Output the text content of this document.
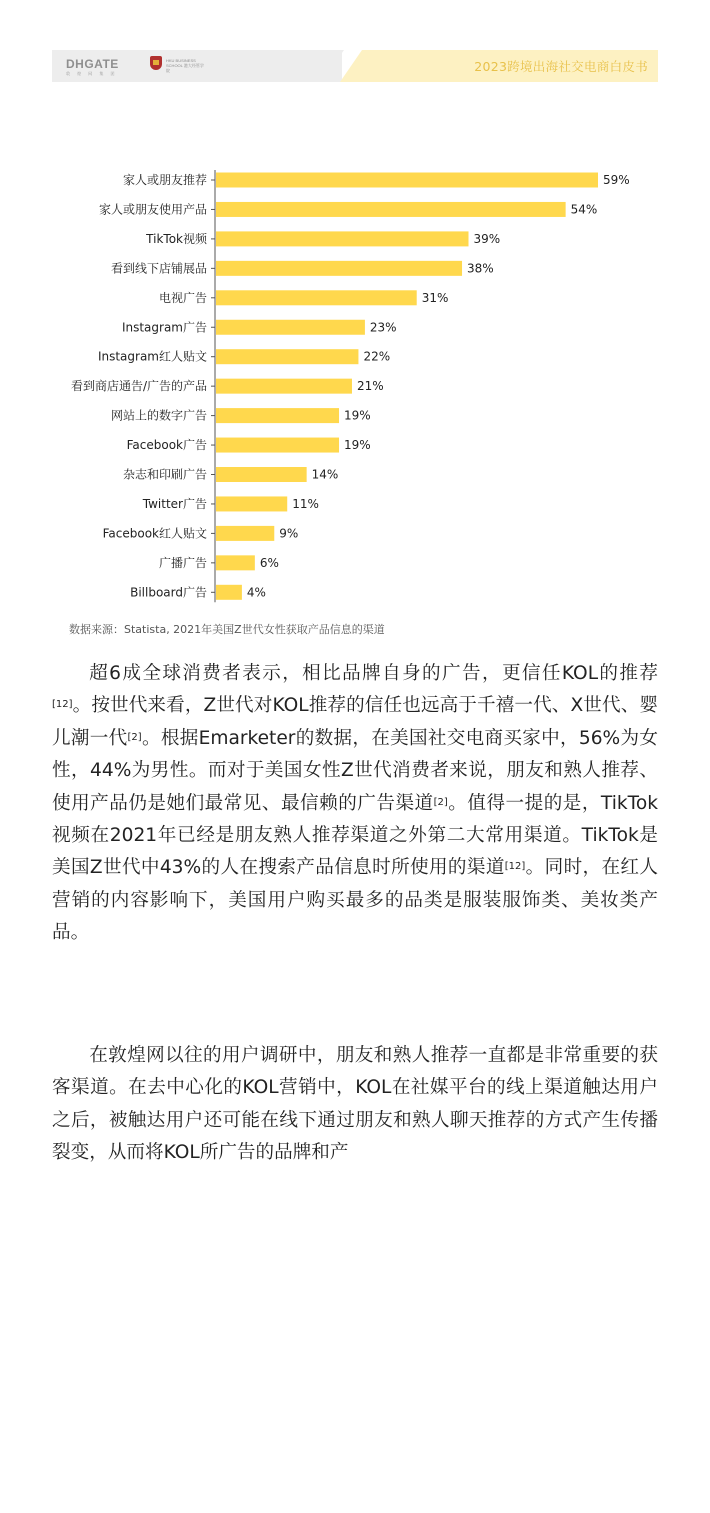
DHGATE
敦 煌 网 集 团
HKU BUSINESS SCHOOL 港大经管学院	2023跨境出海社交电商白皮书
家人或朋友推荐	59%
家人或朋友使用产品	54%
TikTok视频	39%
看到线下店铺展品	38%
电视广告	31%
Instagram广告	23%
Instagram红人贴文	22%
看到商店通告/广告的产品	21%
网站上的数字广告	19%
Facebook广告	19%
杂志和印刷广告	14%
Twitter广告	11%
Facebook红人贴文	9%
广播广告	6%
Billboard广告	4%
数据来源：Statista, 2021年美国Z世代女性获取产品信息的渠道

超6成全球消费者表示，相比品牌自身的广告，更信任KOL的推荐[12]。按世代来看，Z世代对KOL推荐的信任也远高于千禧一代、X世代、婴儿潮一代[2]。根据Emarketer的数据，在美国社交电商买家中，56%为女性，44%为男性。而对于美国女性Z世代消费者来说，朋友和熟人推荐、使用产品仍是她们最常见、最信赖的广告渠道[2]。值得一提的是，TikTok视频在2021年已经是朋友熟人推荐渠道之外第二大常用渠道。TikTok是美国Z世代中43%的人在搜索产品信息时所使用的渠道[12]。同时，在红人营销的内容影响下，美国用户购买最多的品类是服装服饰类、美妆类产品。

在敦煌网以往的用户调研中，朋友和熟人推荐一直都是非常重要的获客渠道。在去中心化的KOL营销中，KOL在社媒平台的线上渠道触达用户之后，被触达用户还可能在线下通过朋友和熟人聊天推荐的方式产生传播裂变，从而将KOL所广告的品牌和产
